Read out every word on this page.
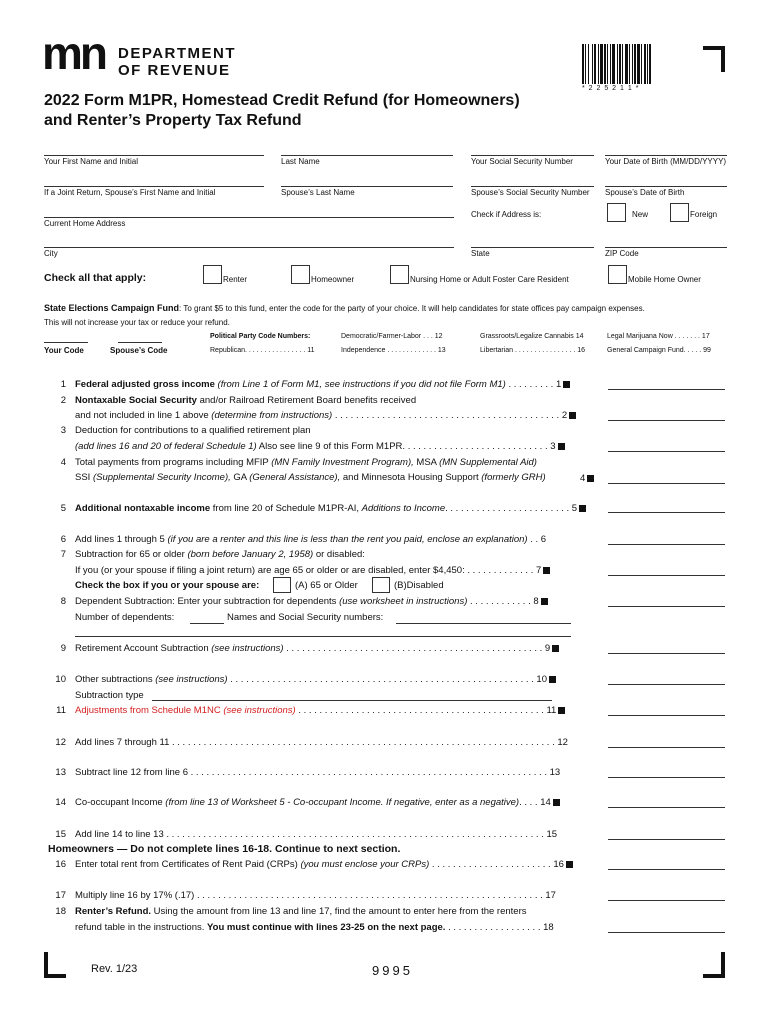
mn DEPARTMENT
OF REVENUE
* 2 2 5 2 1 1 *
2022 Form M1PR, Homestead Credit Refund (for Homeowners)
and Renter’s Property Tax Refund
Your First Name and Initial	Last Name	Your Social Security Number	Your Date of Birth (MM/DD/YYYY)
If a Joint Return, Spouse’s First Name and Initial	Spouse’s Last Name	Spouse’s Social Security Number Spouse’s Date of Birth
Check if Address is:	New	Foreign
Current Home Address
City	State	ZIP Code
Check all that apply:	Renter	Homeowner	Nursing Home or Adult Foster Care Resident	Mobile Home Owner
State Elections Campaign Fund: To grant $5 to this fund, enter the code for the party of your choice. It will help candidates for state offices pay campaign expenses.
This will not increase your tax or reduce your refund.
Your Code	Spouse’s Code
Political Party Code Numbers:	Democratic/Farmer-Labor . . . 12	Grassroots/Legalize Cannabis 14	Legal Marijuana Now . . . . . . . 17
Republican. . . . . . . . . . . . . . . . 11	Independence . . . . . . . . . . . . . 13	Libertarian . . . . . . . . . . . . . . . . 16	General Campaign Fund. . . . . 99
1 Federal adjusted gross income (from Line 1 of Form M1, see instructions if you did not file Form M1) . . . . . . . . . 1
2 Nontaxable Social Security and/or Railroad Retirement Board benefits received
and not included in line 1 above (determine from instructions) . . . . . . . . . . . . . . . . . . . . . . . . . . . . . . . . . . . . . . . . . . . 2
3 Deduction for contributions to a qualified retirement plan
(add lines 16 and 20 of federal Schedule 1) Also see line 9 of this Form M1PR. . . . . . . . . . . . . . . . . . . . . . . . . . . . 3
4 Total payments from programs including MFIP (MN Family Investment Program), MSA (MN Supplemental Aid)
SSI (Supplemental Security Income), GA (General Assistance), and Minnesota Housing Support (formerly GRH)	4
5 Additional nontaxable income from line 20 of Schedule M1PR-AI, Additions to Income. . . . . . . . . . . . . . . . . . . . . . . . 5
6 Add lines 1 through 5 (if you are a renter and this line is less than the rent you paid, enclose an explanation) . . 6
7 Subtraction for 65 or older (born before January 2, 1958) or disabled:
If you (or your spouse if filing a joint return) are age 65 or older or are disabled, enter $4,450: . . . . . . . . . . . . . 7
Check the box if you or your spouse are:	(A) 65 or Older	(B)Disabled
8 Dependent Subtraction: Enter your subtraction for dependents (use worksheet in instructions) . . . . . . . . . . . . 8
Number of dependents:	Names and Social Security numbers:
9 Retirement Account Subtraction (see instructions) . . . . . . . . . . . . . . . . . . . . . . . . . . . . . . . . . . . . . . . . . . . . . . . . . 9
10 Other subtractions (see instructions) . . . . . . . . . . . . . . . . . . . . . . . . . . . . . . . . . . . . . . . . . . . . . . . . . . . . . . . . . . 10
Subtraction type
11 Adjustments from Schedule M1NC (see instructions) . . . . . . . . . . . . . . . . . . . . . . . . . . . . . . . . . . . . . . . . . . . . . . . 11
12 Add lines 7 through 11 . . . . . . . . . . . . . . . . . . . . . . . . . . . . . . . . . . . . . . . . . . . . . . . . . . . . . . . . . . . . . . . . . . . . . . . . . 12
13 Subtract line 12 from line 6 . . . . . . . . . . . . . . . . . . . . . . . . . . . . . . . . . . . . . . . . . . . . . . . . . . . . . . . . . . . . . . . . . . . . 13
14 Co-occupant Income (from line 13 of Worksheet 5 - Co-occupant Income. If negative, enter as a negative). . . . 14
15 Add line 14 to line 13 . . . . . . . . . . . . . . . . . . . . . . . . . . . . . . . . . . . . . . . . . . . . . . . . . . . . . . . . . . . . . . . . . . . . . . . . 15
Homeowners — Do not complete lines 16-18. Continue to next section.
16 Enter total rent from Certificates of Rent Paid (CRPs) (you must enclose your CRPs) . . . . . . . . . . . . . . . . . . . . . . . 16
17 Multiply line 16 by 17% (.17) . . . . . . . . . . . . . . . . . . . . . . . . . . . . . . . . . . . . . . . . . . . . . . . . . . . . . . . . . . . . . . . . . . 17
18 Renter’s Refund. Using the amount from line 13 and line 17, find the amount to enter here from the renters
refund table in the instructions. You must continue with lines 23-25 on the next page. . . . . . . . . . . . . . . . . . . 18
Rev. 1/23	9995
